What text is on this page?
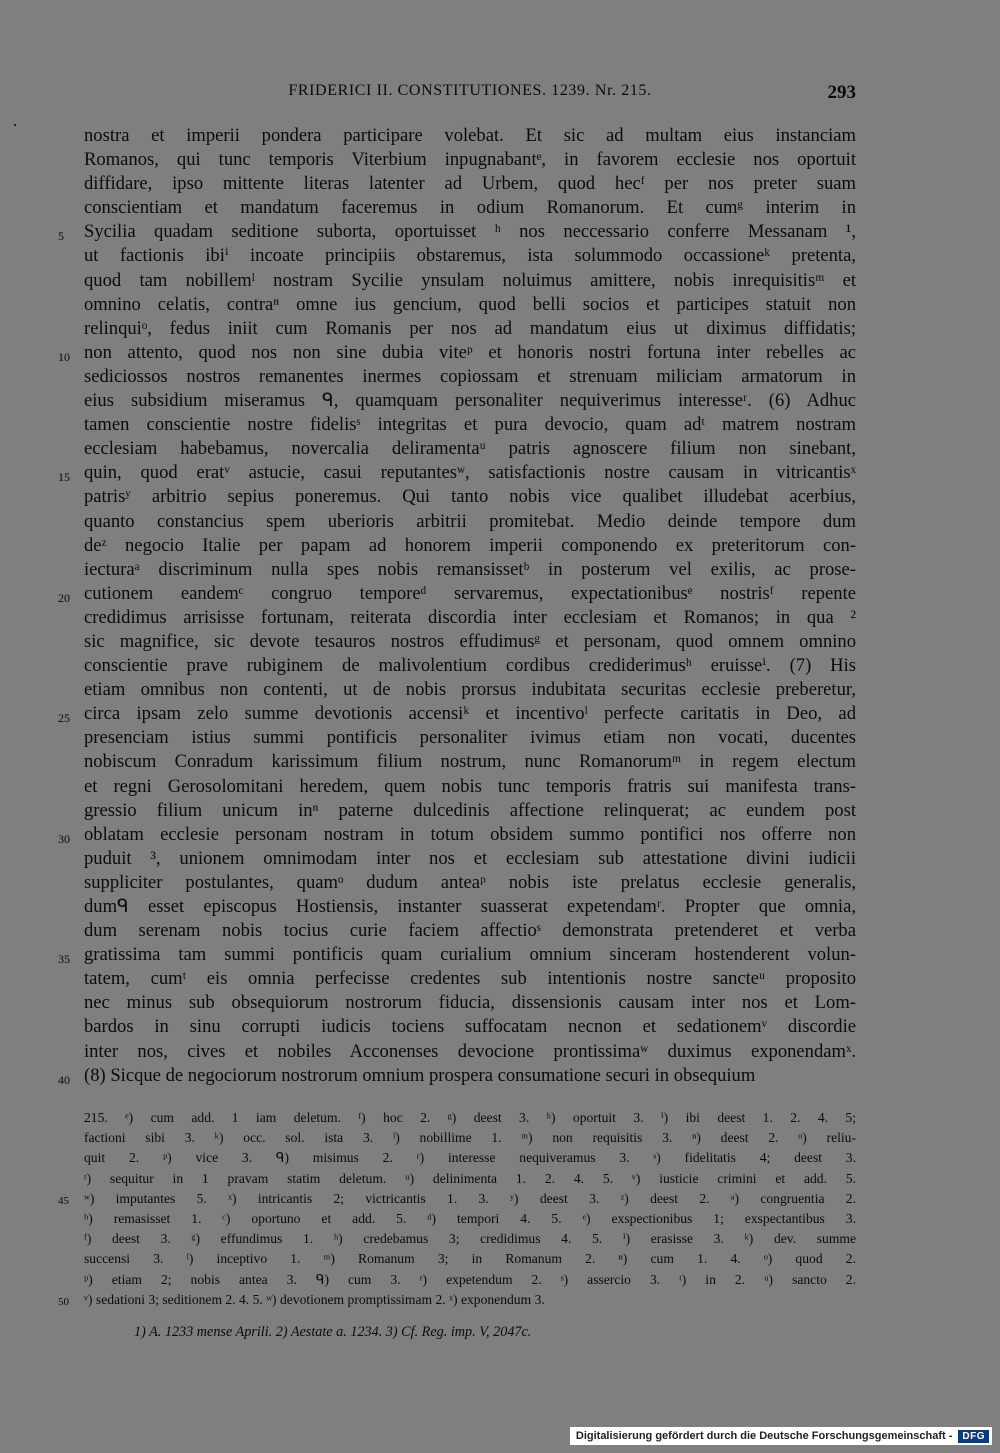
FRIDERICI II. CONSTITUTIONES. 1239. Nr. 215.	293
nostra et imperii pondera participare volebat. Et sic ad multam eius instanciam
Romanos, qui tunc temporis Viterbium inpugnabantᵉ, in favorem ecclesie nos oportuit
diffidare, ipso mittente literas latenter ad Urbem, quod hecᶠ per nos preter suam
conscientiam et mandatum faceremus in odium Romanorum. Et cumᵍ interim in
Sycilia quadam seditione suborta, oportuisset ʰ nos neccessario conferre Messanam ¹,
5
ut factionis ibiⁱ incoate principiis obstaremus, ista solummodo occassioneᵏ pretenta,
quod tam nobillemˡ nostram Sycilie ynsulam noluimus amittere, nobis inrequisitisᵐ et
omnino celatis, contraⁿ omne ius gencium, quod belli socios et participes statuit non
relinquiᵒ, fedus iniit cum Romanis per nos ad mandatum eius ut diximus diffidatis;
non attento, quod nos non sine dubia viteᵖ et honoris nostri fortuna inter rebelles ac
10
sediciossos nostros remanentes inermes copiossam et strenuam miliciam armatorum in
eius subsidium miseramus ᑫ, quamquam personaliter nequiverimus interesseʳ. (6) Adhuc
tamen conscientie nostre fidelisˢ integritas et pura devocio, quam adᵗ matrem nostram
ecclesiam habebamus, novercalia deliramentaᵘ patris agnoscere filium non sinebant,
quin, quod eratᵛ astucie, casui reputantesʷ, satisfactionis nostre causam in vitricantisˣ
15
patrisʸ arbitrio sepius poneremus. Qui tanto nobis vice qualibet illudebat acerbius,
quanto constancius spem uberioris arbitrii promitebat. Medio deinde tempore dum
deᶻ negocio Italie per papam ad honorem imperii componendo ex preteritorum con-
iecturaᵃ discriminum nulla spes nobis remansissetᵇ in posterum vel exilis, ac prose-
cutionem eandemᶜ congruo temporeᵈ servaremus, expectationibusᵉ nostrisᶠ repente
20
credidimus arrisisse fortunam, reiterata discordia inter ecclesiam et Romanos; in qua ²
sic magnifice, sic devote tesauros nostros effudimusᵍ et personam, quod omnem omnino
conscientie prave rubiginem de malivolentium cordibus crediderimusʰ eruisseⁱ. (7) His
etiam omnibus non contenti, ut de nobis prorsus indubitata securitas ecclesie preberetur,
circa ipsam zelo summe devotionis accensiᵏ et incentivoˡ perfecte caritatis in Deo, ad
25
presenciam istius summi pontificis personaliter ivimus etiam non vocati, ducentes
nobiscum Conradum karissimum filium nostrum, nunc Romanorumᵐ in regem electum
et regni Gerosolomitani heredem, quem nobis tunc temporis fratris sui manifesta trans-
gressio filium unicum inⁿ paterne dulcedinis affectione relinquerat; ac eundem post
oblatam ecclesie personam nostram in totum obsidem summo pontifici nos offerre non
30
puduit ³, unionem omnimodam inter nos et ecclesiam sub attestatione divini iudicii
suppliciter postulantes, quamᵒ dudum anteaᵖ nobis iste prelatus ecclesie generalis,
dumᑫ esset episcopus Hostiensis, instanter suasserat expetendamʳ. Propter que omnia,
dum serenam nobis tocius curie faciem affectioˢ demonstrata pretenderet et verba
gratissima tam summi pontificis quam curialium omnium sinceram hostenderent volun-
35
tatem, cumᵗ eis omnia perfecisse credentes sub intentionis nostre sancteᵘ proposito
nec minus sub obsequiorum nostrorum fiducia, dissensionis causam inter nos et Lom-
bardos in sinu corrupti iudicis tociens suffocatam necnon et sedationemᵛ discordie
inter nos, cives et nobiles Acconenses devocione prontissimaʷ duximus exponendamˣ.
(8) Sicque de negociorum nostrorum omnium prospera consumatione securi in obsequium
40
215. ᵉ) cum add. 1 iam deletum. ᶠ) hoc 2. ᵍ) deest 3. ʰ) oportuit 3. ⁱ) ibi deest 1. 2. 4. 5;
factioni sibi 3. ᵏ) occ. sol. ista 3. ˡ) nobillime 1. ᵐ) non requisitis 3. ⁿ) deest 2. ᵒ) reliu-
quit 2. ᵖ) vice 3. ᑫ) misimus 2. ʳ) interesse nequiveramus 3. ˢ) fidelitatis 4; deest 3.
ᵗ) sequitur in 1 pravam statim deletum. ᵘ) delinimenta 1. 2. 4. 5. ᵛ) iusticie crimini et add. 5.
ʷ) imputantes 5. ˣ) intricantis 2; victricantis 1. 3. ʸ) deest 3. ᶻ) deest 2. ᵃ) congruentia 2.
45
ᵇ) remasisset 1. ᶜ) oportuno et add. 5. ᵈ) tempori 4. 5. ᵉ) exspectionibus 1; exspectantibus 3.
ᶠ) deest 3. ᵍ) effundimus 1. ʰ) credebamus 3; credidimus 4. 5. ⁱ) erasisse 3. ᵏ) dev. summe
succensi 3. ˡ) inceptivo 1. ᵐ) Romanum 3; in Romanum 2. ⁿ) cum 1. 4. ᵒ) quod 2.
ᵖ) etiam 2; nobis antea 3. ᑫ) cum 3. ʳ) expetendum 2. ˢ) assercio 3. ᵗ) in 2. ᵘ) sancto 2.
ᵛ) sedationi 3; seditionem 2. 4. 5. ʷ) devotionem promptissimam 2. ˣ) exponendum 3.
50
1) A. 1233 mense Aprili. 2) Aestate a. 1234. 3) Cf. Reg. imp. V, 2047c.
Digitalisierung gefördert durch die Deutsche Forschungsgemeinschaft -	DFG
